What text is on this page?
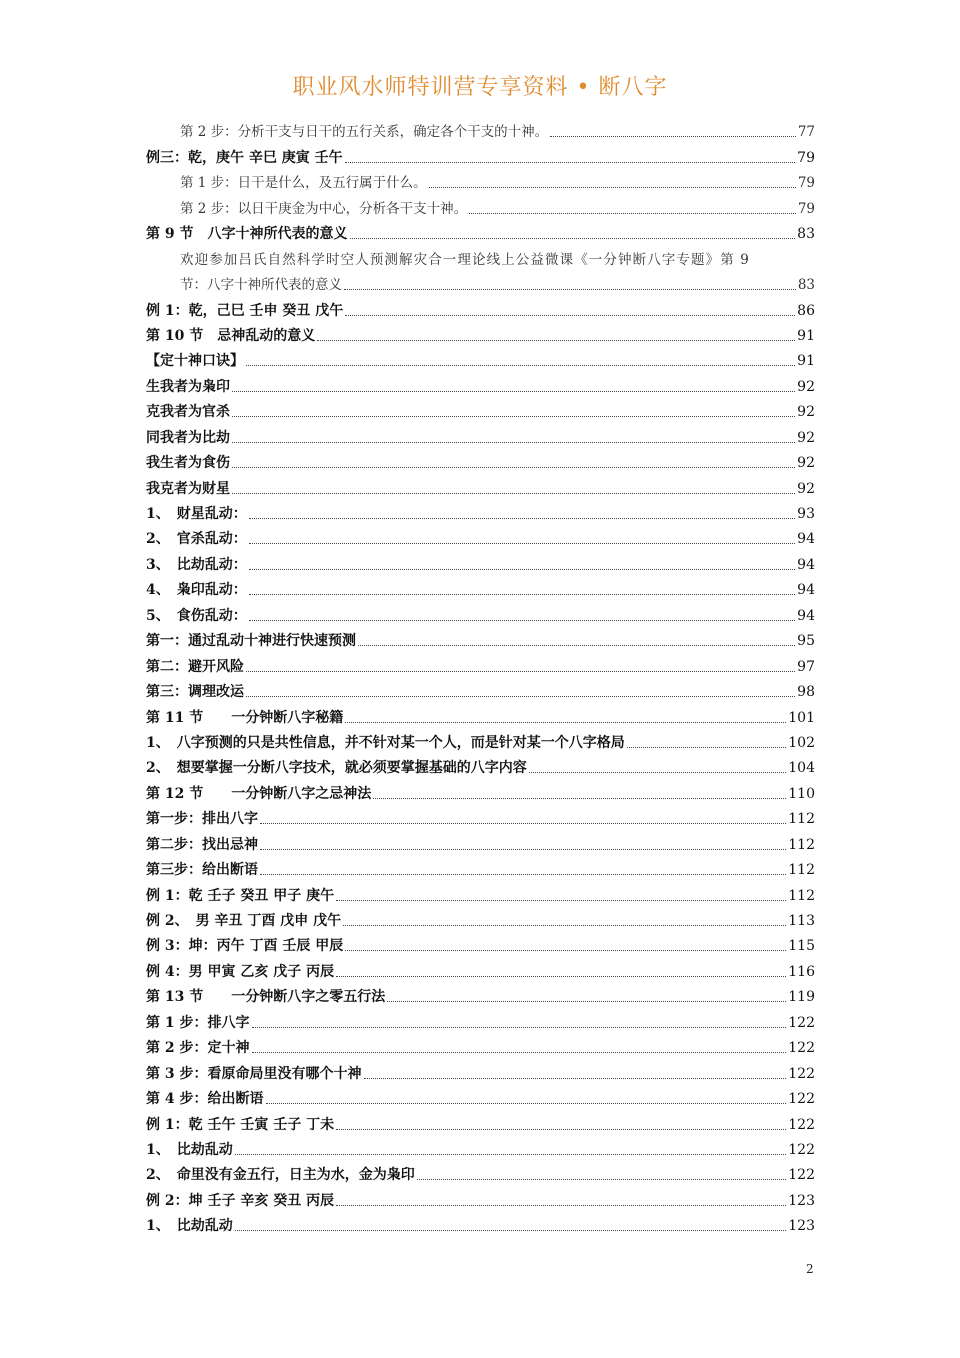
职业风水师特训营专享资料 • 断八字
第 2 步：分析干支与日干的五行关系，确定各个干支的十神。	77
例三：乾，庚午 辛巳 庚寅 壬午	79
第 1 步：日干是什么，及五行属于什么。	79
第 2 步：以日干庚金为中心，分析各干支十神。	79
第 9 节　八字十神所代表的意义	83
欢迎参加吕氏自然科学时空人预测解灾合一理论线上公益微课《一分钟断八字专题》第 9
节：八字十神所代表的意义	83
例 1：乾，己巳 壬申 癸丑 戊午	86
第 10 节　忌神乱动的意义	91
【定十神口诀】	91
生我者为枭印	92
克我者为官杀	92
同我者为比劫	92
我生者为食伤	92
我克者为财星	92
1、　财星乱动：	93
2、　官杀乱动：	94
3、　比劫乱动：	94
4、　枭印乱动：	94
5、　食伤乱动：	94
第一：通过乱动十神进行快速预测	95
第二：避开风险	97
第三：调理改运	98
第 11 节　　一分钟断八字秘籍	101
1、　八字预测的只是共性信息，并不针对某一个人，而是针对某一个八字格局	102
2、　想要掌握一分断八字技术，就必须要掌握基础的八字内容	104
第 12 节　　一分钟断八字之忌神法	110
第一步：排出八字	112
第二步：找出忌神	112
第三步：给出断语	112
例 1：乾 壬子 癸丑 甲子 庚午	112
例 2、　男 辛丑 丁酉 戊申 戊午	113
例 3：坤：丙午 丁酉 壬辰 甲辰	115
例 4：男 甲寅 乙亥 戊子 丙辰	116
第 13 节　　一分钟断八字之零五行法	119
第 1 步：排八字	122
第 2 步：定十神	122
第 3 步：看原命局里没有哪个十神	122
第 4 步：给出断语	122
例 1：乾 壬午 壬寅 壬子 丁未	122
1、　比劫乱动	122
2、　命里没有金五行，日主为水，金为枭印	122
例 2：坤 壬子 辛亥 癸丑 丙辰	123
1、　比劫乱动	123
2
